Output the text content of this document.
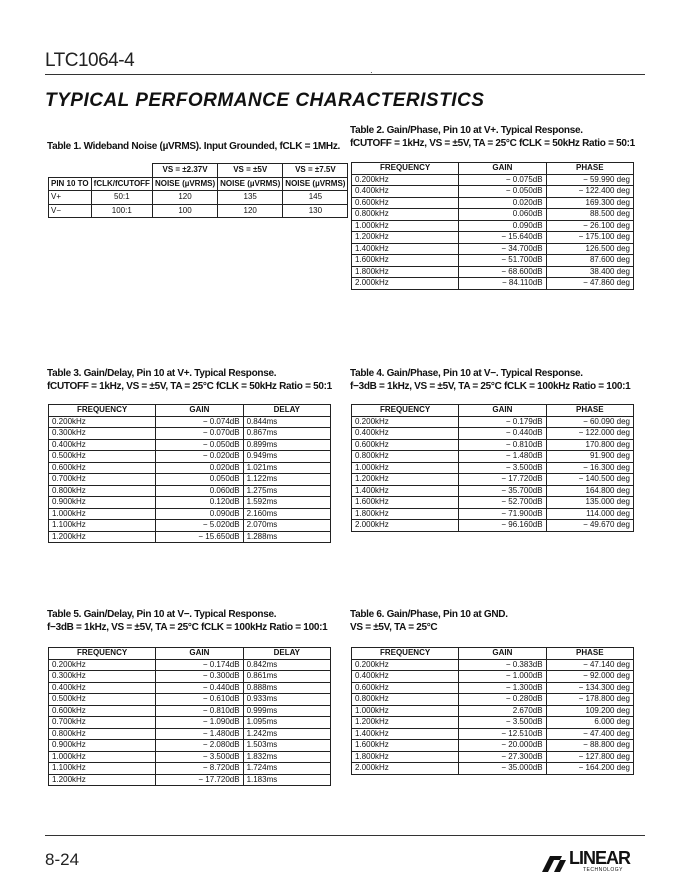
LTC1064-4
·
TYPICAL PERFORMANCE CHARACTERISTICS
Table 1. Wideband Noise (µVRMS). Input Grounded, fCLK = 1MHz.
		VS = ±2.37V	VS = ±5V	VS = ±7.5V
PIN 10 TO	fCLK/fCUTOFF	NOISE (µVRMS)	NOISE (µVRMS)	NOISE (µVRMS)
V+	50:1	120	135	145
V−	100:1	100	120	130
Table 2. Gain/Phase, Pin 10 at V+. Typical Response.
fCUTOFF = 1kHz, VS = ±5V, TA = 25°C fCLK = 50kHz Ratio = 50:1
FREQUENCY	GAIN	PHASE
0.200kHz	− 0.075dB	− 59.990 deg
0.400kHz	− 0.050dB	− 122.400 deg
0.600kHz	0.020dB	169.300 deg
0.800kHz	0.060dB	88.500 deg
1.000kHz	0.090dB	− 26.100 deg
1.200kHz	− 15.640dB	− 175.100 deg
1.400kHz	− 34.700dB	126.500 deg
1.600kHz	− 51.700dB	87.600 deg
1.800kHz	− 68.600dB	38.400 deg
2.000kHz	− 84.110dB	− 47.860 deg
Table 3. Gain/Delay, Pin 10 at V+. Typical Response.
fCUTOFF = 1kHz, VS = ±5V, TA = 25°C fCLK = 50kHz Ratio = 50:1
FREQUENCY	GAIN	DELAY
0.200kHz	− 0.074dB	0.844ms
0.300kHz	− 0.070dB	0.867ms
0.400kHz	− 0.050dB	0.899ms
0.500kHz	− 0.020dB	0.949ms
0.600kHz	0.020dB	1.021ms
0.700kHz	0.050dB	1.122ms
0.800kHz	0.060dB	1.275ms
0.900kHz	0.120dB	1.592ms
1.000kHz	0.090dB	2.160ms
1.100kHz	− 5.020dB	2.070ms
1.200kHz	− 15.650dB	1.288ms
Table 4. Gain/Phase, Pin 10 at V−. Typical Response.
f−3dB = 1kHz, VS = ±5V, TA = 25°C fCLK = 100kHz Ratio = 100:1
FREQUENCY	GAIN	PHASE
0.200kHz	− 0.179dB	− 60.090 deg
0.400kHz	− 0.440dB	− 122.000 deg
0.600kHz	− 0.810dB	170.800 deg
0.800kHz	− 1.480dB	91.900 deg
1.000kHz	− 3.500dB	− 16.300 deg
1.200kHz	− 17.720dB	− 140.500 deg
1.400kHz	− 35.700dB	164.800 deg
1.600kHz	− 52.700dB	135.000 deg
1.800kHz	− 71.900dB	114.000 deg
2.000kHz	− 96.160dB	− 49.670 deg
Table 5. Gain/Delay, Pin 10 at V−. Typical Response.
f−3dB = 1kHz, VS = ±5V, TA = 25°C fCLK = 100kHz Ratio = 100:1
FREQUENCY	GAIN	DELAY
0.200kHz	− 0.174dB	0.842ms
0.300kHz	− 0.300dB	0.861ms
0.400kHz	− 0.440dB	0.888ms
0.500kHz	− 0.610dB	0.933ms
0.600kHz	− 0.810dB	0.999ms
0.700kHz	− 1.090dB	1.095ms
0.800kHz	− 1.480dB	1.242ms
0.900kHz	− 2.080dB	1.503ms
1.000kHz	− 3.500dB	1.832ms
1.100kHz	− 8.720dB	1.724ms
1.200kHz	− 17.720dB	1.183ms
Table 6. Gain/Phase, Pin 10 at GND.
VS = ±5V, TA = 25°C
FREQUENCY	GAIN	PHASE
0.200kHz	− 0.383dB	− 47.140 deg
0.400kHz	− 1.000dB	− 92.000 deg
0.600kHz	− 1.300dB	− 134.300 deg
0.800kHz	− 0.280dB	− 178.800 deg
1.000kHz	2.670dB	109.200 deg
1.200kHz	− 3.500dB	6.000 deg
1.400kHz	− 12.510dB	− 47.400 deg
1.600kHz	− 20.000dB	− 88.800 deg
1.800kHz	− 27.300dB	− 127.800 deg
2.000kHz	− 35.000dB	− 164.200 deg
8-24	LINEAR
TECHNOLOGY
